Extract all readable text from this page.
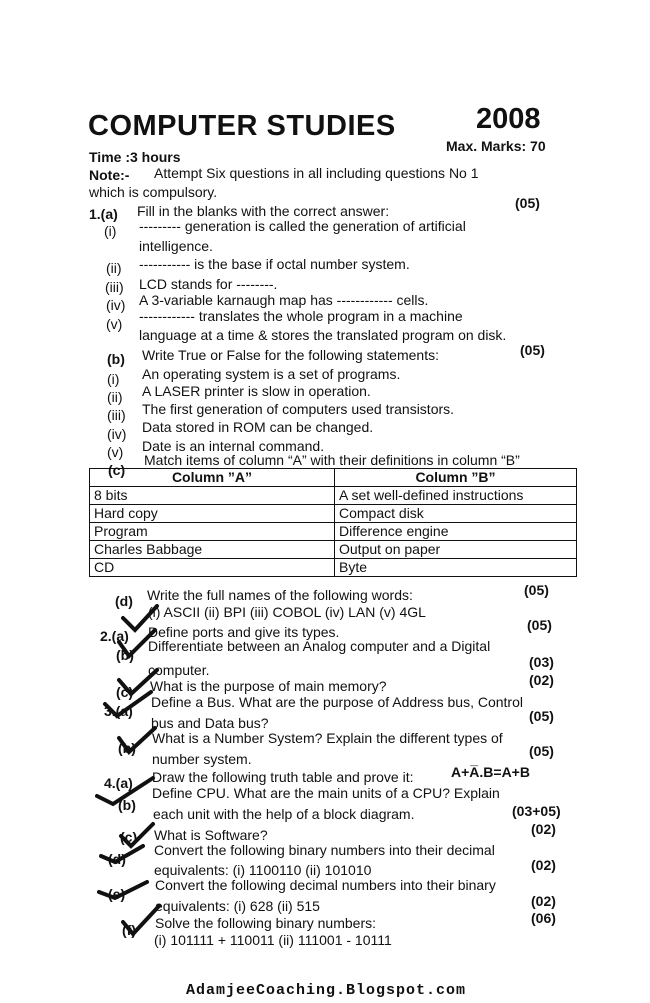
COMPUTER STUDIES	2008
Time :3 hours
Max. Marks: 70
Note:- Attempt Six questions in all including questions No 1
which is compulsory.
1.(a) Fill in the blanks with the correct answer:	(05)
(i) --------- generation is called the generation of artificial
intelligence.
(ii) ----------- is the base if octal number system.
(iii) LCD stands for --------.
(iv) A 3-variable karnaugh map has ------------ cells.
(v) ------------ translates the whole program in a machine
language at a time & stores the translated program on disk.
(b) Write True or False for the following statements:	(05)
(i) An operating system is a set of programs.
(ii) A LASER printer is slow in operation.
(iii) The first generation of computers used transistors.
(iv) Data stored in ROM can be changed.
(v) Date is an internal command.
(c)
Match items of column “A” with their definitions in column “B”
Column ”A”	Column ”B”
8 bits	A set well-defined instructions
Hard copy	Compact disk
Program	Difference engine
Charles Babbage	Output on paper
CD	Byte
(d) Write the full names of the following words:	(05)
(i) ASCII (ii) BPI (iii) COBOL (iv) LAN (v) 4GL
2.(a) Define ports and give its types.	(05)
(b)
Differentiate between an Analog computer and a Digital
computer.	(03)
(c) What is the purpose of main memory?	(02)
3.(a)
Define a Bus. What are the purpose of Address bus, Control
bus and Data bus?	(05)
(b)
What is a Number System? Explain the different types of
number system.	(05)
4.(a) Draw the following truth table and prove it:	A+A̅.B=A+B
(b)
Define CPU. What are the main units of a CPU? Explain
each unit with the help of a block diagram.	(03+05)
(c) What is Software?	(02)
(d)
Convert the following binary numbers into their decimal
equivalents: (i) 1100110 (ii) 101010	(02)
(e)
Convert the following decimal numbers into their binary
equivalents: (i) 628 (ii) 515	(02)
(f) Solve the following binary numbers:
(i) 101111 + 110011 (ii) 111001 - 10111
(06)
AdamjeeCoaching.Blogspot.com
